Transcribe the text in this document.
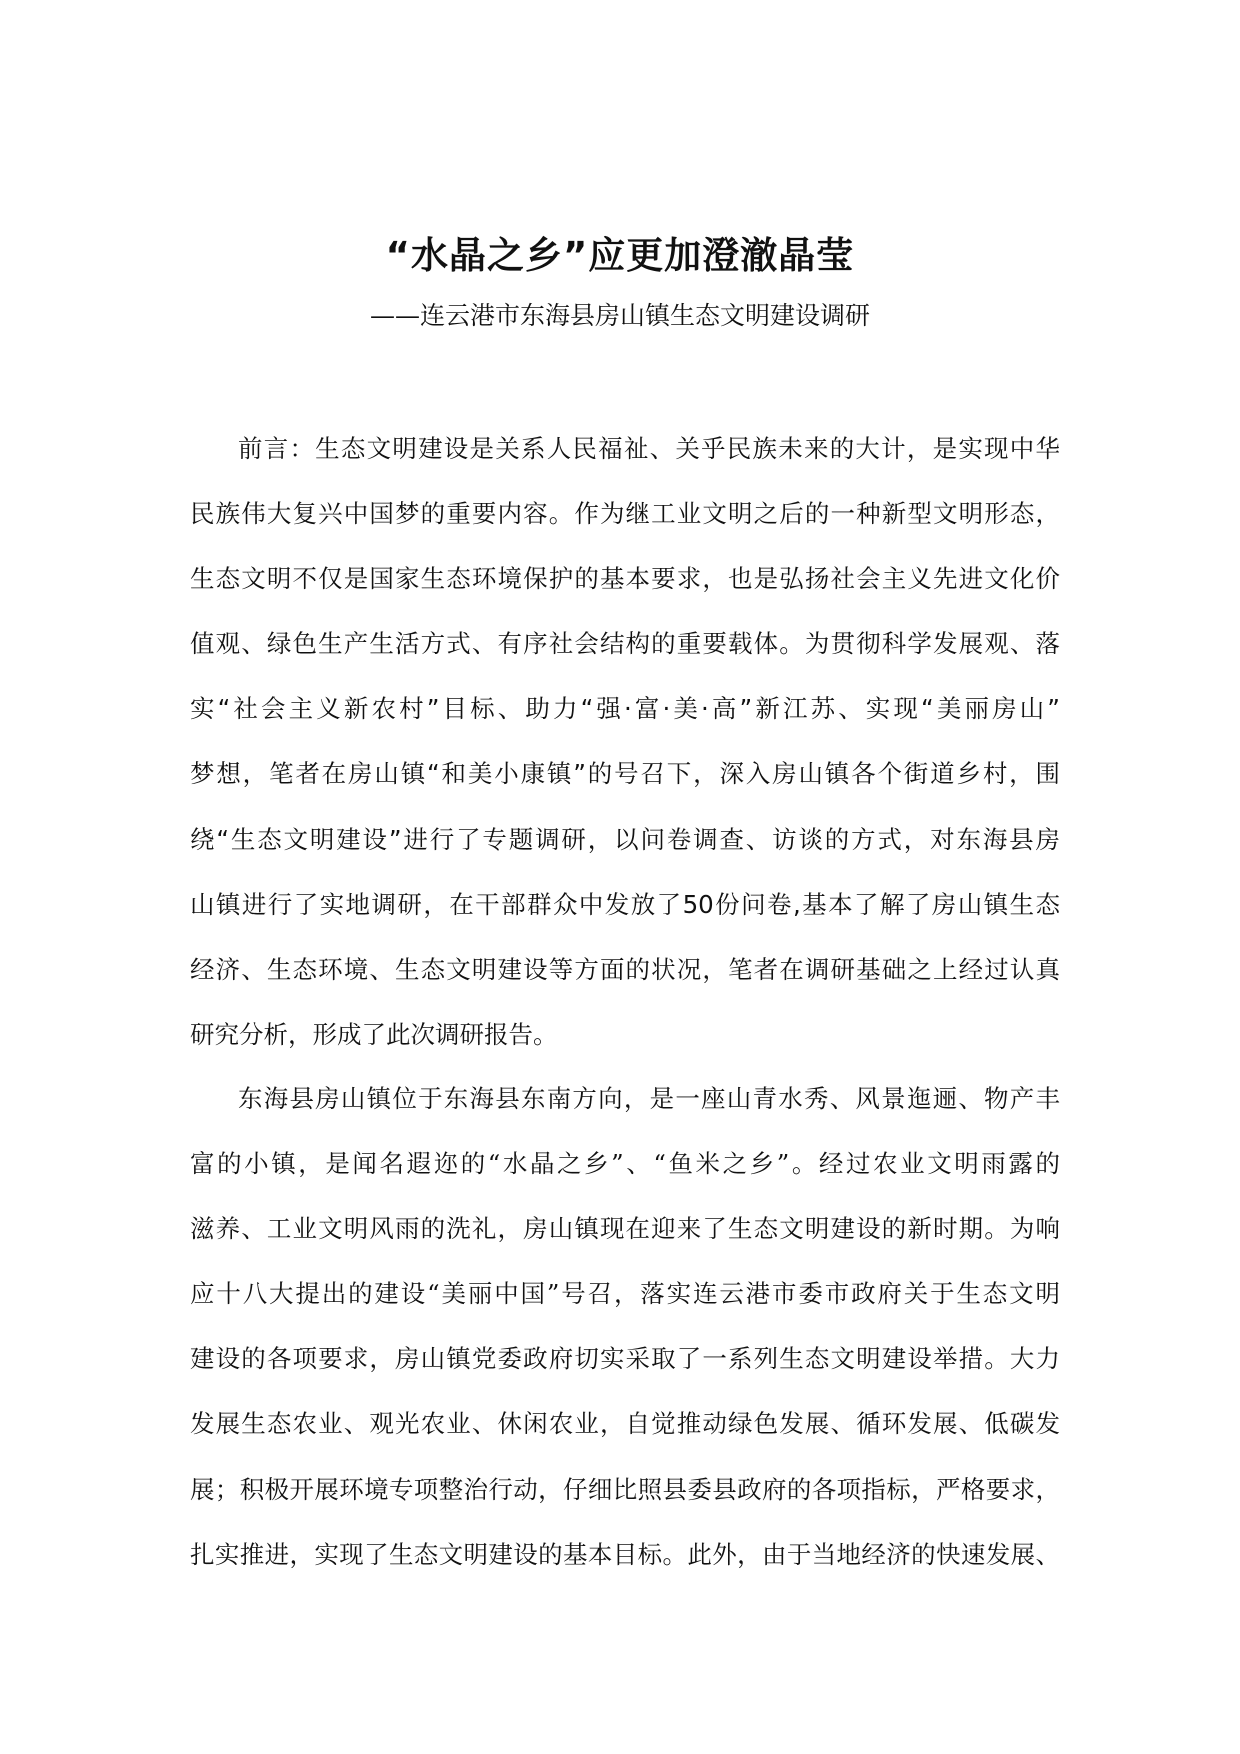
“水晶之乡”应更加澄澈晶莹
——连云港市东海县房山镇生态文明建设调研
前言：生态文明建设是关系人民福祉、关乎民族未来的大计，是实现中华
民族伟大复兴中国梦的重要内容。作为继工业文明之后的一种新型文明形态，
生态文明不仅是国家生态环境保护的基本要求，也是弘扬社会主义先进文化价
值观、绿色生产生活方式、有序社会结构的重要载体。为贯彻科学发展观、落
实“社会主义新农村”目标、助力“强·富·美·高”新江苏、实现“美丽房山”
梦想，笔者在房山镇“和美小康镇”的号召下，深入房山镇各个街道乡村，围
绕“生态文明建设”进行了专题调研，以问卷调查、访谈的方式，对东海县房
山镇进行了实地调研，在干部群众中发放了50份问卷,基本了解了房山镇生态
经济、生态环境、生态文明建设等方面的状况，笔者在调研基础之上经过认真
研究分析，形成了此次调研报告。
东海县房山镇位于东海县东南方向，是一座山青水秀、风景迤逦、物产丰
富的小镇，是闻名遐迩的“水晶之乡”、“鱼米之乡”。经过农业文明雨露的
滋养、工业文明风雨的洗礼，房山镇现在迎来了生态文明建设的新时期。为响
应十八大提出的建设“美丽中国”号召，落实连云港市委市政府关于生态文明
建设的各项要求，房山镇党委政府切实采取了一系列生态文明建设举措。大力
发展生态农业、观光农业、休闲农业，自觉推动绿色发展、循环发展、低碳发
展；积极开展环境专项整治行动，仔细比照县委县政府的各项指标，严格要求，
扎实推进，实现了生态文明建设的基本目标。此外，由于当地经济的快速发展、
